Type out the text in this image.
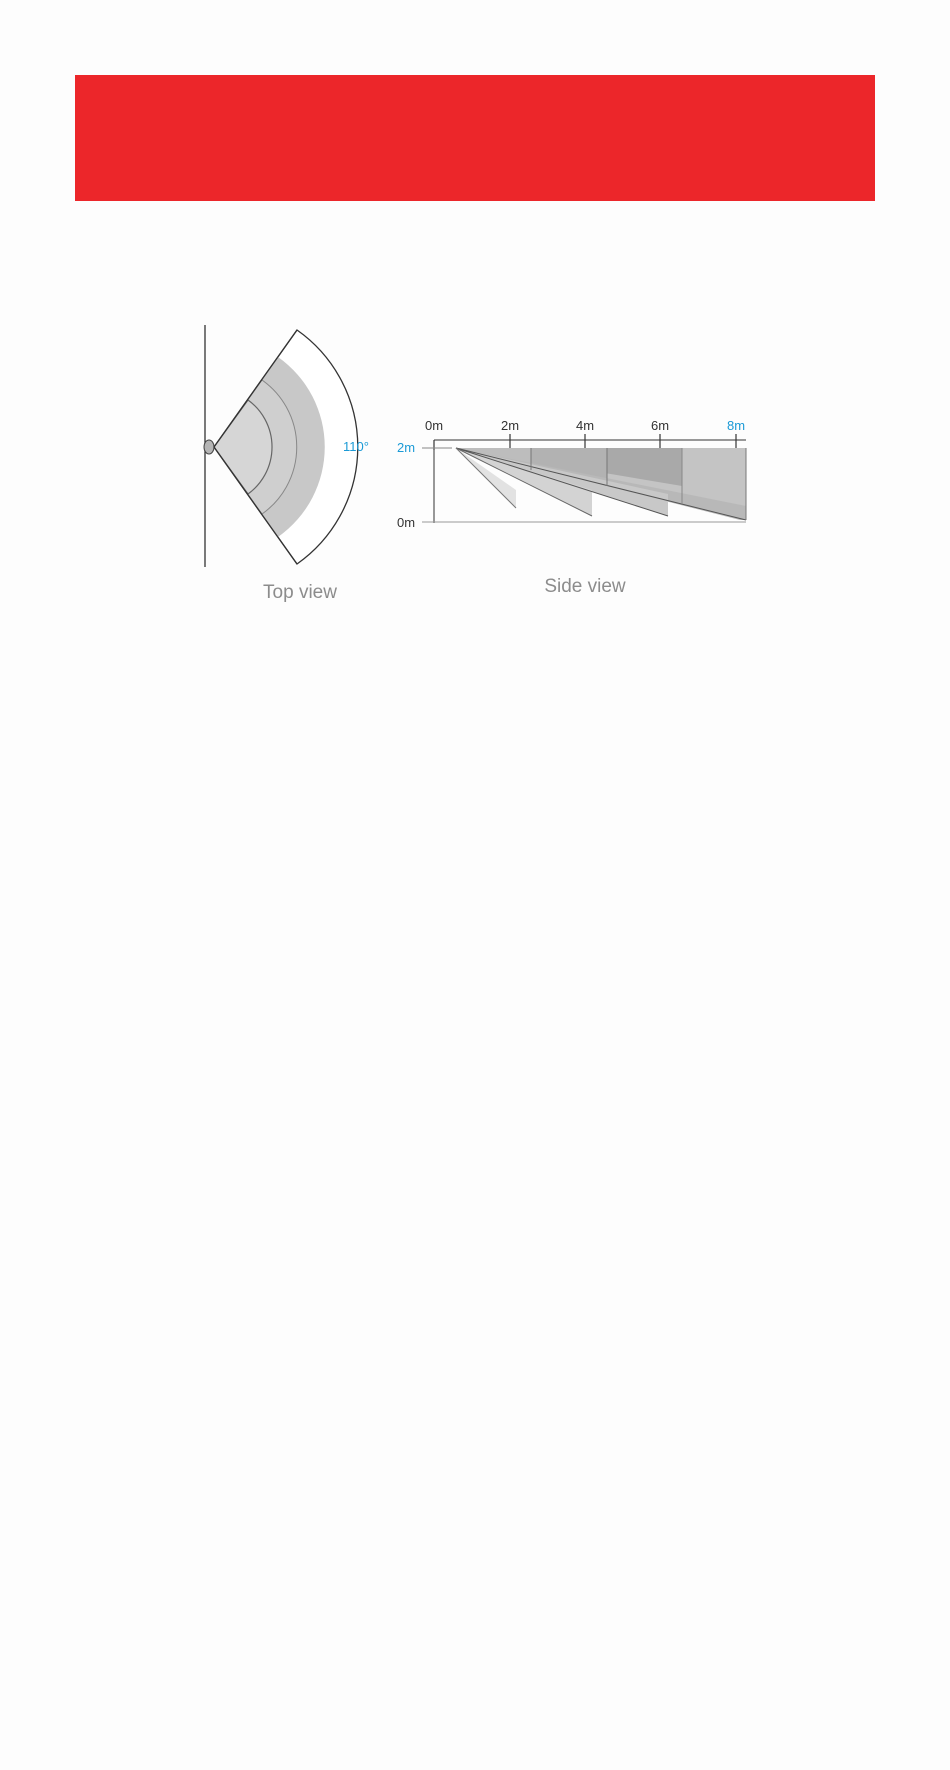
110°
Top view
0m	2m	4m	6m	8m
2m
0m
Side view
